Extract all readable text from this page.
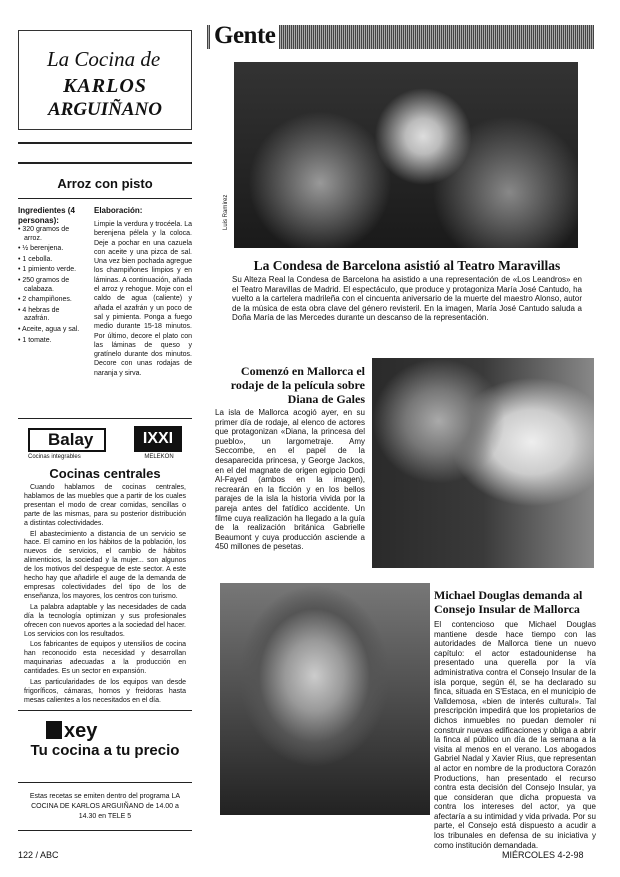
La Cocina de
KARLOS
ARGUIÑANO
Arroz con pisto
Ingredientes (4 personas):
• 320 gramos de arroz.
• ½ berenjena.
• 1 cebolla.
• 1 pimiento verde.
• 250 gramos de calabaza.
• 2 champiñones.
• 4 hebras de azafrán.
• Aceite, agua y sal.
• 1 tomate.
Elaboración:
Limpie la verdura y trocéela. La berenjena pélela y la coloca. Deje a pochar en una cazuela con aceite y una pizca de sal. Una vez bien pochada agregue los champiñones limpios y en láminas. A continuación, añada el arroz y rehogue. Moje con el caldo de agua (caliente) y añada el azafrán y un poco de sal y pimienta. Ponga a fuego medio durante 15-18 minutos. Por último, decore el plato con las láminas de queso y gratínelo durante dos minutos. Decore con unas rodajas de naranja y sirva.
Balay
Cocinas integrables
IXXI
MELEKON
Cocinas centrales

Cuando hablamos de cocinas centrales, hablamos de las muebles que a partir de los cuales presentan el modo de crear comidas, sencillas o parte de las mismas, para su posterior distribución a distintas colectividades.

El abastecimiento a distancia de un servicio se hace. El camino en los hábitos de la población, los nuevos de servicios, el cambio de hábitos alimenticios, la sociedad y la mujer... son algunos de los motivos del despegue de este sector. A este hecho hay que añadirle el auge de la demanda de empresas colectividades del tipo de los de enseñanza, los mayores, los centros con turismo.

La palabra adaptable y las necesidades de cada día la tecnología optimizan y sus profesionales ofrecen con nuevos aportes a la sociedad del hacer. Los servicios con los resultados.

Los fabricantes de equipos y utensilios de cocina han reconocido esta necesidad y desarrollan maquinarias adecuadas a la producción en cantidades. Es un sector en expansión.

Las particularidades de los equipos van desde frigoríficos, cámaras, hornos y freidoras hasta mesas calientes a los necesitados en el día.

xey
Tu cocina a tu precio
Estas recetas se emiten dentro del programa LA COCINA DE KARLOS ARGUIÑANO de 14.00 a 14.30 en TELE 5
122 / ABC	MIÉRCOLES 4-2-98
Gente
Luis Ramírez
La Condesa de Barcelona asistió al Teatro Maravillas
Su Alteza Real la Condesa de Barcelona ha asistido a una representación de «Los Leandros» en el Teatro Maravillas de Madrid. El espectáculo, que produce y protagoniza María José Cantudo, ha vuelto a la cartelera madrileña con el cincuenta aniversario de la muerte del maestro Alonso, autor de la música de esta obra clave del género revisteril. En la imagen, María José Cantudo saluda a Doña María de las Mercedes durante un descanso de la representación.
Comenzó en Mallorca el rodaje de la película sobre Diana de Gales
La isla de Mallorca acogió ayer, en su primer día de rodaje, al elenco de actores que protagonizan «Diana, la princesa del pueblo», un largometraje. Amy Seccombe, en el papel de la desaparecida princesa, y George Jackos, en el del magnate de origen egipcio Dodi Al-Fayed (ambos en la imagen), recrearán en la ficción y en los bellos parajes de la isla la historia vivida por la pareja antes del fatídico accidente. Un filme cuya realización ha llegado a la guía de la realización británica Gabrielle Beaumont y cuya producción asciende a 450 millones de pesetas.
Michael Douglas demanda al Consejo Insular de Mallorca
El contencioso que Michael Douglas mantiene desde hace tiempo con las autoridades de Mallorca tiene un nuevo capítulo: el actor estadounidense ha presentado una querella por la vía administrativa contra el Consejo Insular de la isla porque, según él, se ha declarado su finca, situada en S'Estaca, en el municipio de Valldemosa, «bien de interés cultural». Tal prescripción impedirá que los propietarios de dichos inmuebles no puedan demoler ni construir nuevas edificaciones y obliga a abrir la finca al público un día de la semana a la visita al menos en el verano. Los abogados Gabriel Nadal y Xavier Rius, que representan al actor en nombre de la productora Corazón Productions, han presentado el recurso contra esta decisión del Consejo Insular, ya que consideran que dicha propuesta va contra los intereses del actor, ya que afectaría a su intimidad y vida privada. Por su parte, el Consejo está dispuesto a acudir a los tribunales en defensa de su iniciativa y como institución demandada.
